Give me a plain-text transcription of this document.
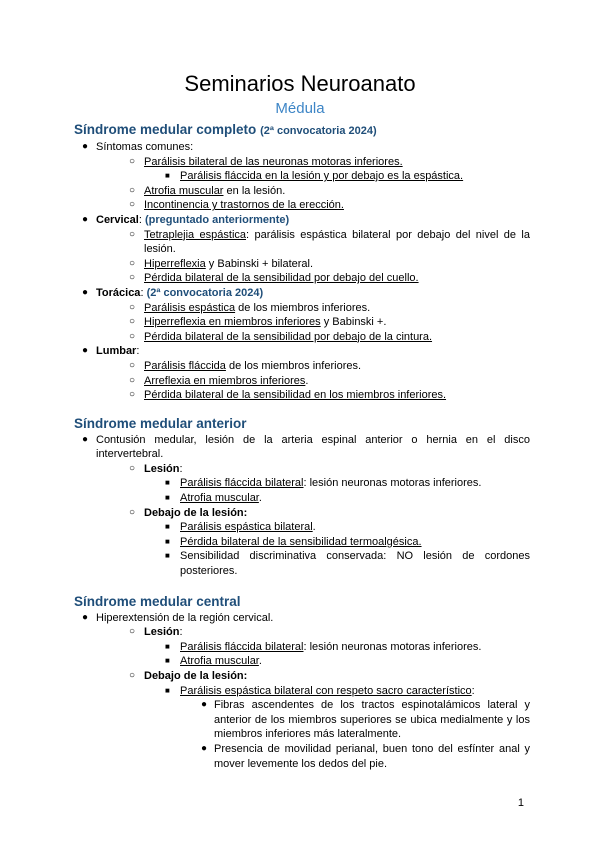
Seminarios Neuroanato
Médula
Síndrome medular completo (2ª convocatoria 2024)
● Síntomas comunes:
○ Parálisis bilateral de las neuronas motoras inferiores.
■ Parálisis fláccida en la lesión y por debajo es la espástica.
○ Atrofia muscular en la lesión.
○ Incontinencia y trastornos de la erección.
● Cervical: (preguntado anteriormente)
○ Tetraplejia espástica: parálisis espástica bilateral por debajo del nivel de la lesión.
○ Hiperreflexia y Babinski + bilateral.
○ Pérdida bilateral de la sensibilidad por debajo del cuello.
● Torácica: (2ª convocatoria 2024)
○ Parálisis espástica de los miembros inferiores.
○ Hiperreflexia en miembros inferiores y Babinski +.
○ Pérdida bilateral de la sensibilidad por debajo de la cintura.
● Lumbar:
○ Parálisis fláccida de los miembros inferiores.
○ Arreflexia en miembros inferiores.
○ Pérdida bilateral de la sensibilidad en los miembros inferiores.
Síndrome medular anterior
● Contusión medular, lesión de la arteria espinal anterior o hernia en el disco intervertebral.
○ Lesión:
■ Parálisis fláccida bilateral: lesión neuronas motoras inferiores.
■ Atrofia muscular.
○ Debajo de la lesión:
■ Parálisis espástica bilateral.
■ Pérdida bilateral de la sensibilidad termoalgésica.
■ Sensibilidad discriminativa conservada: NO lesión de cordones posteriores.
Síndrome medular central
● Hiperextensión de la región cervical.
○ Lesión:
■ Parálisis fláccida bilateral: lesión neuronas motoras inferiores.
■ Atrofia muscular.
○ Debajo de la lesión:
■ Parálisis espástica bilateral con respeto sacro característico:
● Fibras ascendentes de los tractos espinotalámicos lateral y anterior de los miembros superiores se ubica medialmente y los miembros inferiores más lateralmente.
● Presencia de movilidad perianal, buen tono del esfínter anal y mover levemente los dedos del pie.
1
